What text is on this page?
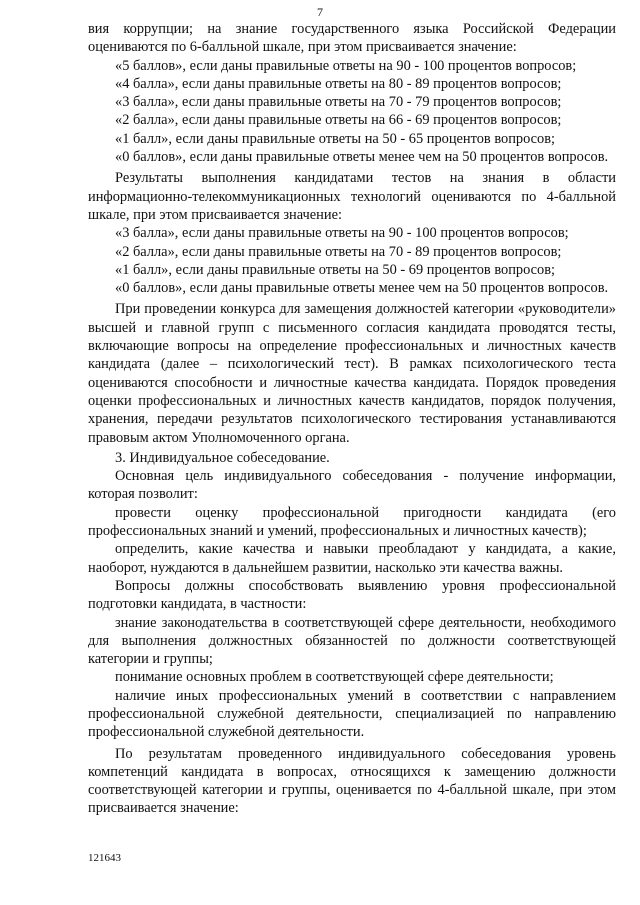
7

вия коррупции; на знание государственного языка Российской Федерации оцениваются по 6-балльной шкале, при этом присваивается значение:

«5 баллов», если даны правильные ответы на 90 - 100 процентов вопросов;

«4 балла», если даны правильные ответы на 80 - 89 процентов вопросов;

«3 балла», если даны правильные ответы на 70 - 79 процентов вопросов;

«2 балла», если даны правильные ответы на 66 - 69 процентов вопросов;

«1 балл», если даны правильные ответы на 50 - 65 процентов вопросов;

«0 баллов», если даны правильные ответы менее чем на 50 процентов вопросов.

Результаты выполнения кандидатами тестов на знания в области информационно-телекоммуникационных технологий оцениваются по 4-балльной шкале, при этом присваивается значение:

«3 балла», если даны правильные ответы на 90 - 100 процентов вопросов;

«2 балла», если даны правильные ответы на 70 - 89 процентов вопросов;

«1 балл», если даны правильные ответы на 50 - 69 процентов вопросов;

«0 баллов», если даны правильные ответы менее чем на 50 процентов вопросов.

При проведении конкурса для замещения должностей категории «руководители» высшей и главной групп с письменного согласия кандидата проводятся тесты, включающие вопросы на определение профессиональных и личностных качеств кандидата (далее – психологический тест). В рамках психологического теста оцениваются способности и личностные качества кандидата. Порядок проведения оценки профессиональных и личностных качеств кандидатов, порядок получения, хранения, передачи результатов психологического тестирования устанавливаются правовым актом Уполномоченного органа.

3. Индивидуальное собеседование.

Основная цель индивидуального собеседования - получение информации, которая позволит:

провести оценку профессиональной пригодности кандидата (его профессиональных знаний и умений, профессиональных и личностных качеств);

определить, какие качества и навыки преобладают у кандидата, а какие, наоборот, нуждаются в дальнейшем развитии, насколько эти качества важны.

Вопросы должны способствовать выявлению уровня профессиональной подготовки кандидата, в частности:

знание законодательства в соответствующей сфере деятельности, необходимого для выполнения должностных обязанностей по должности соответствующей категории и группы;

понимание основных проблем в соответствующей сфере деятельности;

наличие иных профессиональных умений в соответствии с направлением профессиональной служебной деятельности, специализацией по направлению профессиональной служебной деятельности.

По результатам проведенного индивидуального собеседования уровень компетенций кандидата в вопросах, относящихся к замещению должности соответствующей категории и группы, оценивается по 4-балльной шкале, при этом присваивается значение:

121643
